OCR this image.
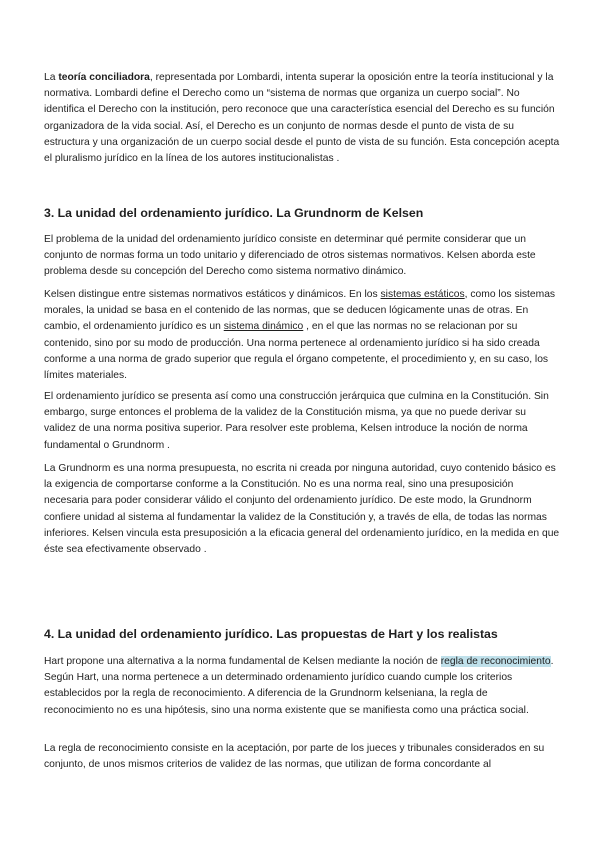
La teoría conciliadora, representada por Lombardi, intenta superar la oposición entre la teoría institucional y la normativa. Lombardi define el Derecho como un “sistema de normas que organiza un cuerpo social”. No identifica el Derecho con la institución, pero reconoce que una característica esencial del Derecho es su función organizadora de la vida social. Así, el Derecho es un conjunto de normas desde el punto de vista de su estructura y una organización de un cuerpo social desde el punto de vista de su función. Esta concepción acepta el pluralismo jurídico en la línea de los autores institucionalistas .

3. La unidad del ordenamiento jurídico. La Grundnorm de Kelsen

El problema de la unidad del ordenamiento jurídico consiste en determinar qué permite considerar que un conjunto de normas forma un todo unitario y diferenciado de otros sistemas normativos. Kelsen aborda este problema desde su concepción del Derecho como sistema normativo dinámico.

Kelsen distingue entre sistemas normativos estáticos y dinámicos. En los sistemas estáticos, como los sistemas morales, la unidad se basa en el contenido de las normas, que se deducen lógicamente unas de otras. En cambio, el ordenamiento jurídico es un sistema dinámico , en el que las normas no se relacionan por su contenido, sino por su modo de producción. Una norma pertenece al ordenamiento jurídico si ha sido creada conforme a una norma de grado superior que regula el órgano competente, el procedimiento y, en su caso, los límites materiales.

El ordenamiento jurídico se presenta así como una construcción jerárquica que culmina en la Constitución. Sin embargo, surge entonces el problema de la validez de la Constitución misma, ya que no puede derivar su validez de una norma positiva superior. Para resolver este problema, Kelsen introduce la noción de norma fundamental o Grundnorm .

La Grundnorm es una norma presupuesta, no escrita ni creada por ninguna autoridad, cuyo contenido básico es la exigencia de comportarse conforme a la Constitución. No es una norma real, sino una presuposición necesaria para poder considerar válido el conjunto del ordenamiento jurídico. De este modo, la Grundnorm confiere unidad al sistema al fundamentar la validez de la Constitución y, a través de ella, de todas las normas inferiores. Kelsen vincula esta presuposición a la eficacia general del ordenamiento jurídico, en la medida en que éste sea efectivamente observado .

4. La unidad del ordenamiento jurídico. Las propuestas de Hart y los realistas

Hart propone una alternativa a la norma fundamental de Kelsen mediante la noción de regla de reconocimiento. Según Hart, una norma pertenece a un determinado ordenamiento jurídico cuando cumple los criterios establecidos por la regla de reconocimiento. A diferencia de la Grundnorm kelseniana, la regla de reconocimiento no es una hipótesis, sino una norma existente que se manifiesta como una práctica social.

La regla de reconocimiento consiste en la aceptación, por parte de los jueces y tribunales considerados en su conjunto, de unos mismos criterios de validez de las normas, que utilizan de forma concordante al
